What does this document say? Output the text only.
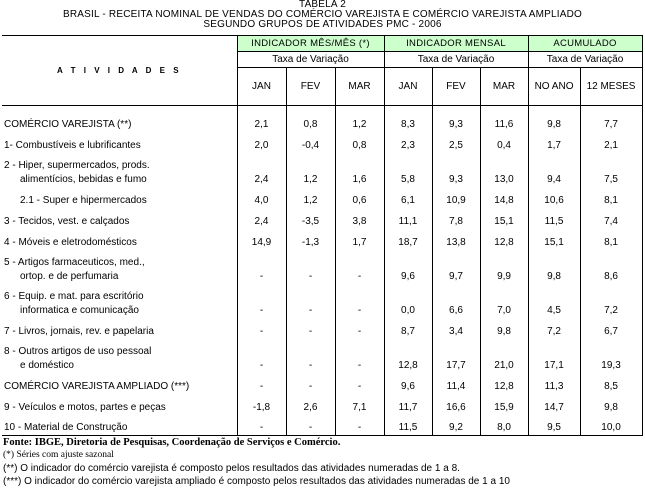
TABELA 2
BRASIL - RECEITA NOMINAL DE VENDAS DO COMÉRCIO VAREJISTA E COMÉRCIO VAREJISTA AMPLIADO
SEGUNDO GRUPOS DE ATIVIDADES PMC - 2006
A T I V I D A D E S	INDICADOR MÊS/MÊS (*)			INDICADOR MENSAL			ACUMULADO	
	Taxa de Variação			Taxa de Variação			Taxa de Variação	
	JAN	FEV	MAR	JAN	FEV	MAR	NO ANO	12 MESES

COMÉRCIO VAREJISTA (**)	2,1	0,8	1,2	8,3	9,3	11,6	9,8	7,7

1- Combustíveis e lubrificantes	2,0	-0,4	0,8	2,3	2,5	0,4	1,7	2,1

2 - Hiper, supermercados, prods.
alimentícios, bebidas e fumo	2,4	1,2	1,6	5,8	9,3	13,0	9,4	7,5

2.1 - Super e hipermercados	4,0	1,2	0,6	6,1	10,9	14,8	10,6	8,1

3 - Tecidos, vest. e calçados	2,4	-3,5	3,8	11,1	7,8	15,1	11,5	7,4

4 - Móveis e eletrodomésticos	14,9	-1,3	1,7	18,7	13,8	12,8	15,1	8,1

5 - Artigos farmaceuticos, med.,
ortop. e de perfumaria	-	-	-	9,6	9,7	9,9	9,8	8,6

6 - Equip. e mat. para escritório
informatica e comunicação	-	-	-	0,0	6,6	7,0	4,5	7,2

7 - Livros, jornais, rev. e papelaria	-	-	-	8,7	3,4	9,8	7,2	6,7

8 - Outros artigos de uso pessoal
e doméstico	-	-	-	12,8	17,7	21,0	17,1	19,3

COMÉRCIO VAREJISTA AMPLIADO (***)	-	-	-	9,6	11,4	12,8	11,3	8,5

9 - Veículos e motos, partes e peças	-1,8	2,6	7,1	11,7	16,6	15,9	14,7	9,8

10 - Material de Construção	-	-	-	11,5	9,2	8,0	9,5	10,0
Fonte: IBGE, Diretoria de Pesquisas, Coordenação de Serviços e Comércio.
(*) Séries com ajuste sazonal
(**) O indicador do comércio varejista é composto pelos resultados das atividades numeradas de 1 a 8.
(***) O indicador do comércio varejista ampliado é composto pelos resultados das atividades numeradas de 1 a 10
